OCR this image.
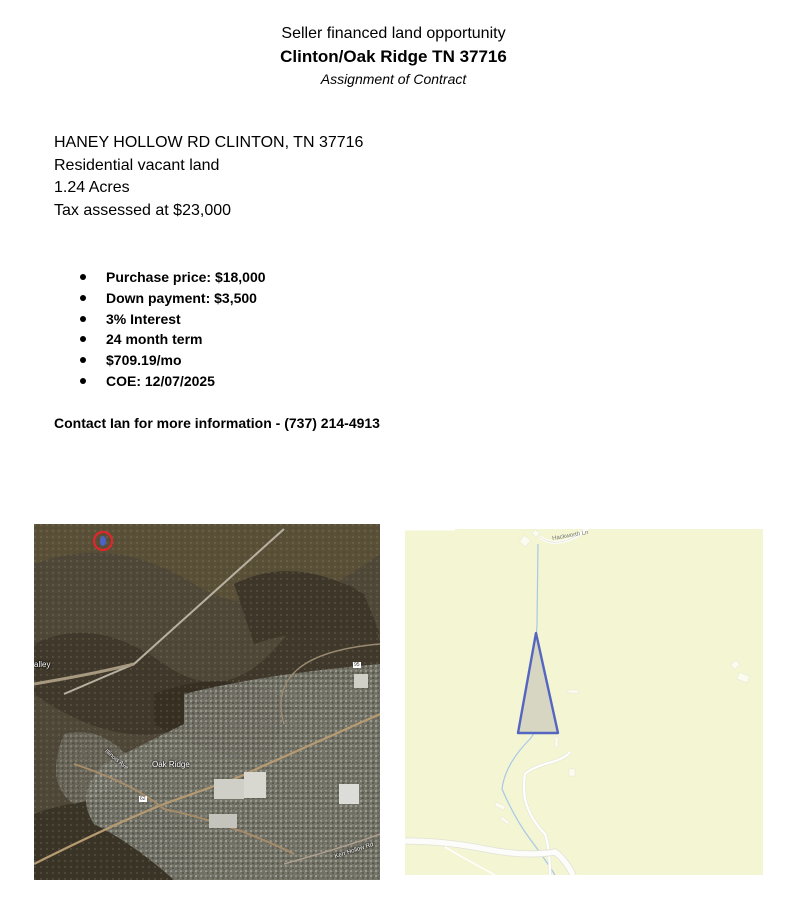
Seller financed land opportunity
Clinton/Oak Ridge TN 37716
Assignment of Contract
HANEY HOLLOW RD CLINTON, TN 37716
Residential vacant land
1.24 Acres
Tax assessed at $23,000
Purchase price: $18,000
Down payment: $3,500
3% Interest
24 month term
$709.19/mo
COE: 12/07/2025
Contact Ian for more information - (737) 214-4913
alley
Oak Ridge
Illinois Ave
Kerr Hollow Rd
95
62
Hackworth Ln
